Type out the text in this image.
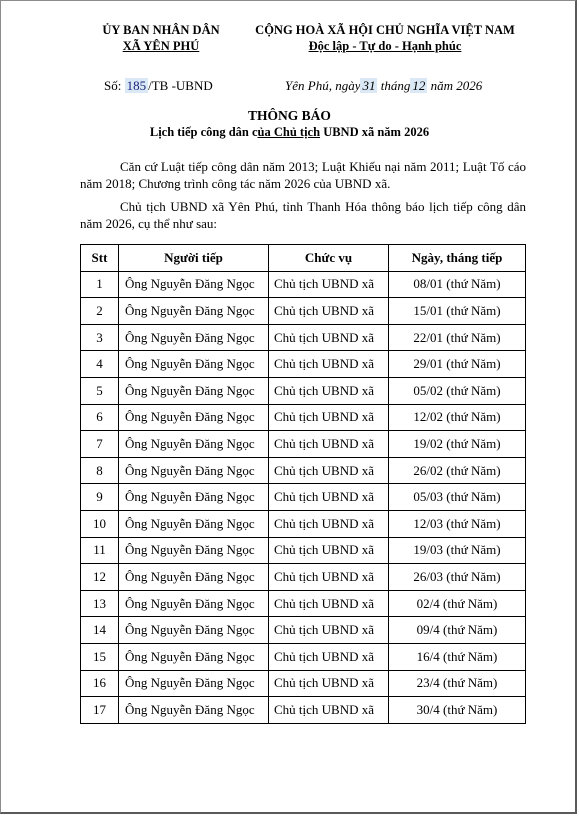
ỦY BAN NHÂN DÂN
XÃ YÊN PHÚ
CỘNG HOÀ XÃ HỘI CHỦ NGHĨA VIỆT NAM
Độc lập - Tự do - Hạnh phúc
Số: 185 /TB -UBND	Yên Phú, ngày 31 tháng 12 năm 2026
THÔNG BÁO
Lịch tiếp công dân của Chủ tịch UBND xã năm 2026
Căn cứ Luật tiếp công dân năm 2013; Luật Khiếu nại năm 2011; Luật Tố cáo năm 2018; Chương trình công tác năm 2026 của UBND xã.
Chủ tịch UBND xã Yên Phú, tỉnh Thanh Hóa thông báo lịch tiếp công dân năm 2026, cụ thể như sau:
Stt	Người tiếp	Chức vụ	Ngày, tháng tiếp
1	Ông Nguyễn Đăng Ngọc	Chủ tịch UBND xã	08/01 (thứ Năm)
2	Ông Nguyễn Đăng Ngọc	Chủ tịch UBND xã	15/01 (thứ Năm)
3	Ông Nguyễn Đăng Ngọc	Chủ tịch UBND xã	22/01 (thứ Năm)
4	Ông Nguyễn Đăng Ngọc	Chủ tịch UBND xã	29/01 (thứ Năm)
5	Ông Nguyễn Đăng Ngọc	Chủ tịch UBND xã	05/02 (thứ Năm)
6	Ông Nguyễn Đăng Ngọc	Chủ tịch UBND xã	12/02 (thứ Năm)
7	Ông Nguyễn Đăng Ngọc	Chủ tịch UBND xã	19/02 (thứ Năm)
8	Ông Nguyễn Đăng Ngọc	Chủ tịch UBND xã	26/02 (thứ Năm)
9	Ông Nguyễn Đăng Ngọc	Chủ tịch UBND xã	05/03 (thứ Năm)
10	Ông Nguyễn Đăng Ngọc	Chủ tịch UBND xã	12/03 (thứ Năm)
11	Ông Nguyễn Đăng Ngọc	Chủ tịch UBND xã	19/03 (thứ Năm)
12	Ông Nguyễn Đăng Ngọc	Chủ tịch UBND xã	26/03 (thứ Năm)
13	Ông Nguyễn Đăng Ngọc	Chủ tịch UBND xã	02/4 (thứ Năm)
14	Ông Nguyễn Đăng Ngọc	Chủ tịch UBND xã	09/4 (thứ Năm)
15	Ông Nguyễn Đăng Ngọc	Chủ tịch UBND xã	16/4 (thứ Năm)
16	Ông Nguyễn Đăng Ngọc	Chủ tịch UBND xã	23/4 (thứ Năm)
17	Ông Nguyễn Đăng Ngọc	Chủ tịch UBND xã	30/4 (thứ Năm)
